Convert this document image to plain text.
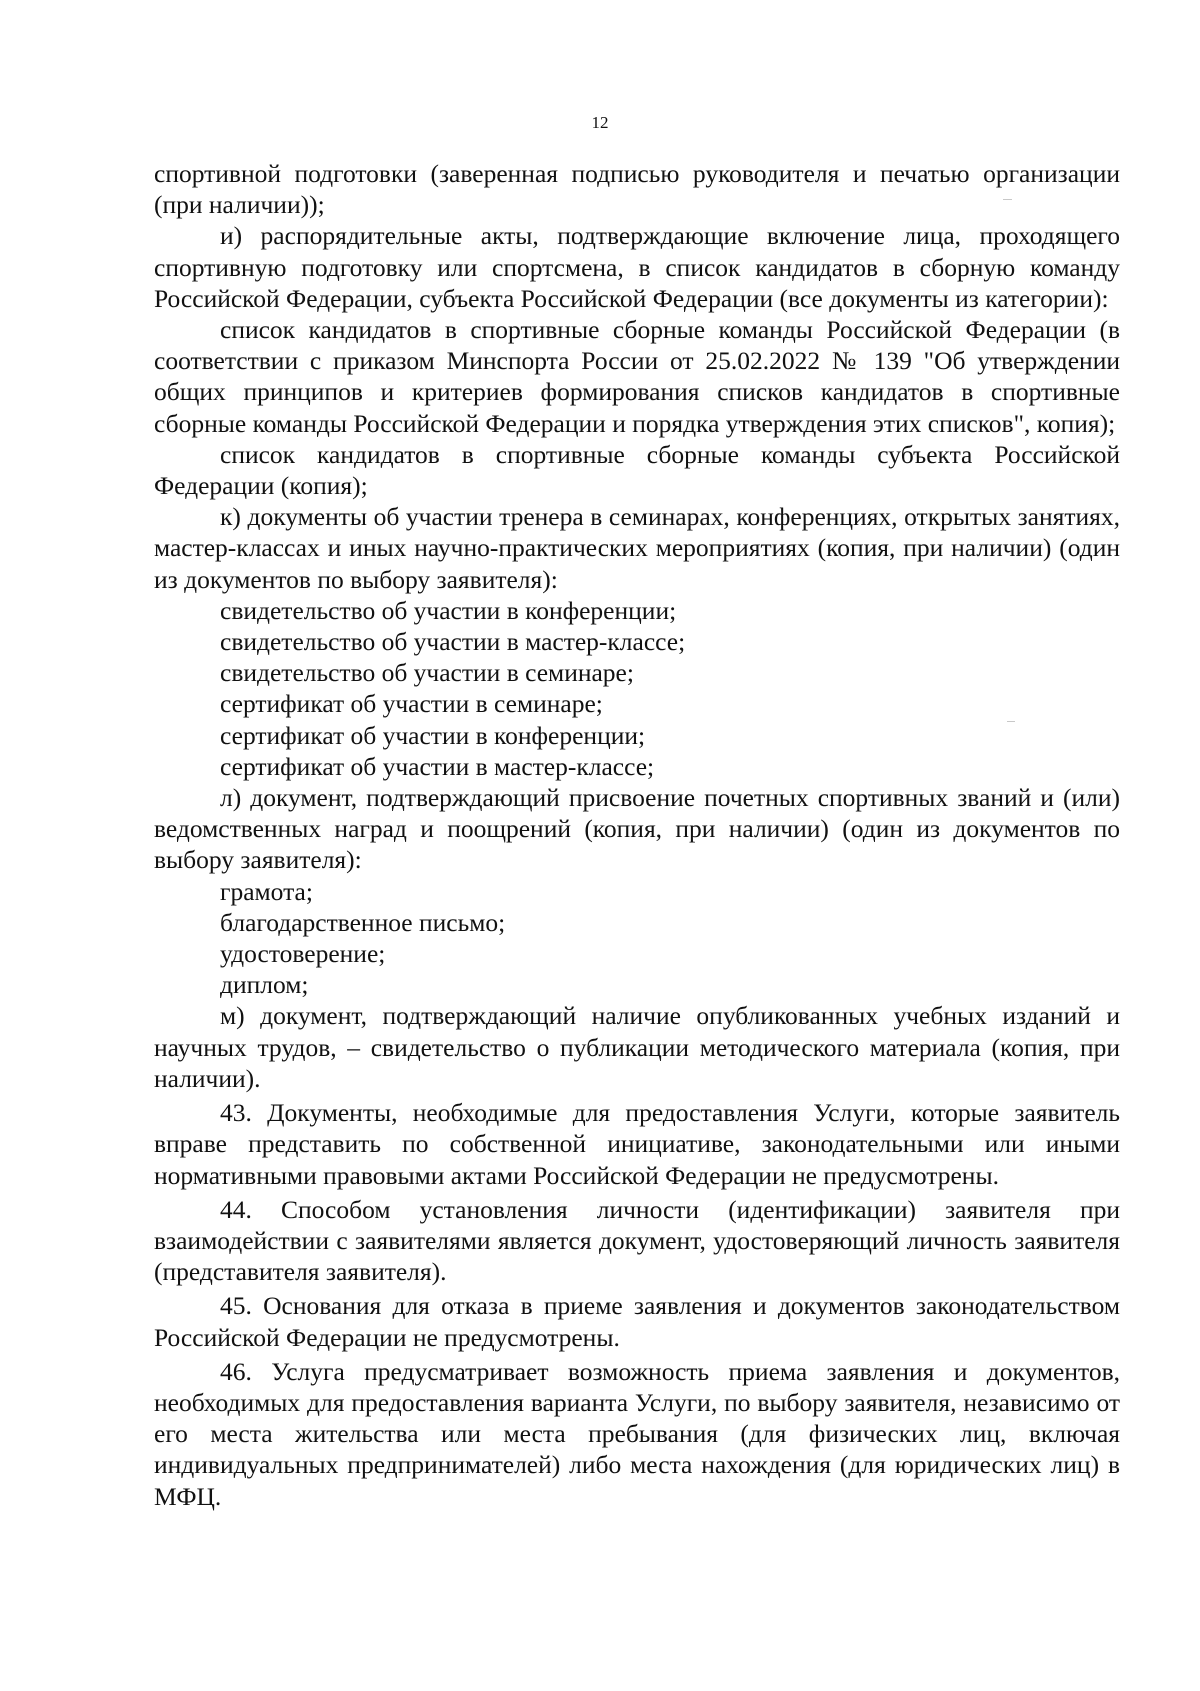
12

спортивной подготовки (заверенная подписью руководителя и печатью организации (при наличии));

и) распорядительные акты, подтверждающие включение лица, проходящего спортивную подготовку или спортсмена, в список кандидатов в сборную команду Российской Федерации, субъекта Российской Федерации (все документы из категории):

список кандидатов в спортивные сборные команды Российской Федерации (в соответствии с приказом Минспорта России от 25.02.2022 № 139 "Об утверждении общих принципов и критериев формирования списков кандидатов в спортивные сборные команды Российской Федерации и порядка утверждения этих списков", копия);

список кандидатов в спортивные сборные команды субъекта Российской Федерации (копия);

к) документы об участии тренера в семинарах, конференциях, открытых занятиях, мастер-классах и иных научно-практических мероприятиях (копия, при наличии) (один из документов по выбору заявителя):

свидетельство об участии в конференции;

свидетельство об участии в мастер-классе;

свидетельство об участии в семинаре;

сертификат об участии в семинаре;

сертификат об участии в конференции;

сертификат об участии в мастер-классе;

л) документ, подтверждающий присвоение почетных спортивных званий и (или) ведомственных наград и поощрений (копия, при наличии) (один из документов по выбору заявителя):

грамота;

благодарственное письмо;

удостоверение;

диплом;

м) документ, подтверждающий наличие опубликованных учебных изданий и научных трудов, – свидетельство о публикации методического материала (копия, при наличии).

43. Документы, необходимые для предоставления Услуги, которые заявитель вправе представить по собственной инициативе, законодательными или иными нормативными правовыми актами Российской Федерации не предусмотрены.

44. Способом установления личности (идентификации) заявителя при взаимодействии с заявителями является документ, удостоверяющий личность заявителя (представителя заявителя).

45. Основания для отказа в приеме заявления и документов законодательством Российской Федерации не предусмотрены.

46. Услуга предусматривает возможность приема заявления и документов, необходимых для предоставления варианта Услуги, по выбору заявителя, независимо от его места жительства или места пребывания (для физических лиц, включая индивидуальных предпринимателей) либо места нахождения (для юридических лиц) в МФЦ.
